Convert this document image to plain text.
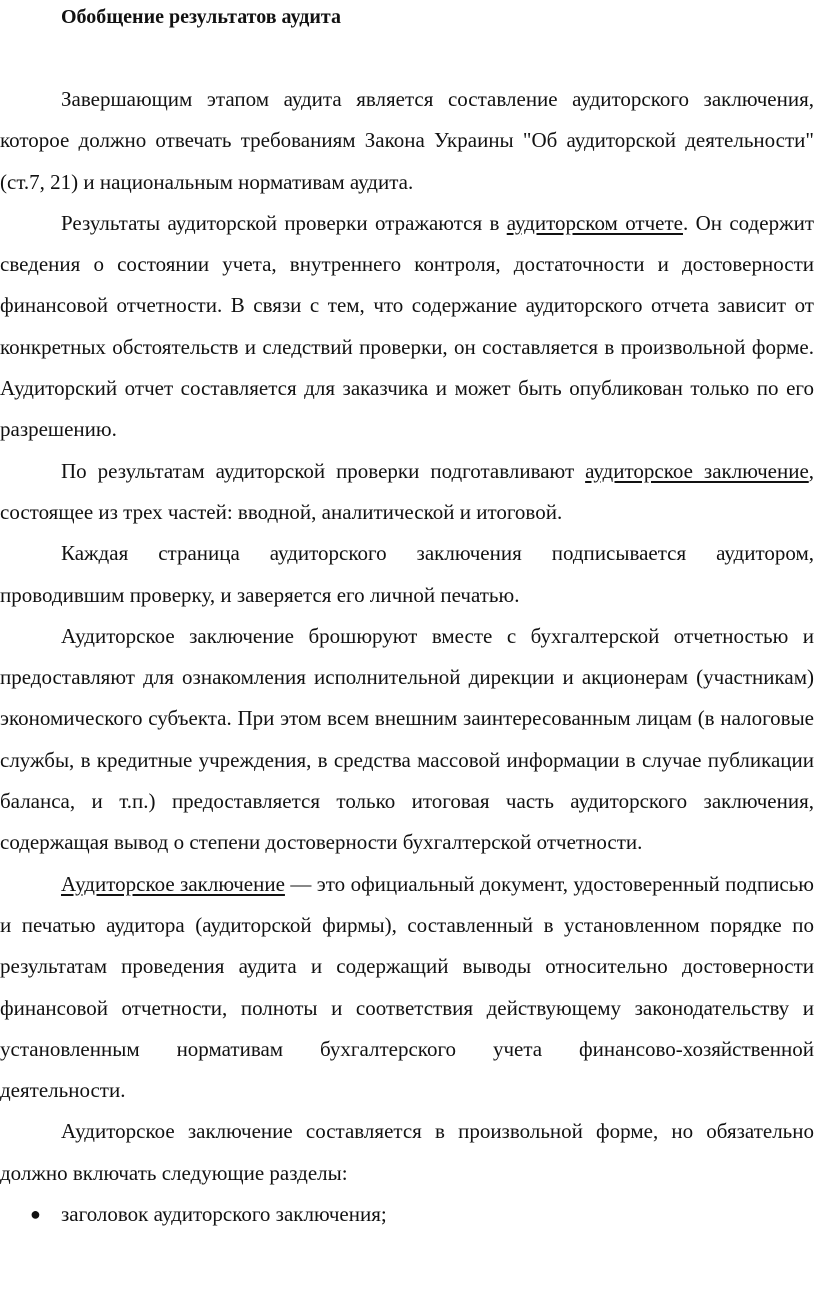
Обобщение результатов аудита

Завершающим этапом аудита является составление аудиторского заключения, которое должно отвечать требованиям Закона Украины "Об аудиторской деятельности" (ст.7, 21) и национальным нормативам аудита.

Результаты аудиторской проверки отражаются в аудиторском отчете. Он содержит сведения о состоянии учета, внутреннего контроля, достаточности и достоверности финансовой отчетности. В связи с тем, что содержание аудиторского отчета зависит от конкретных обстоятельств и следствий проверки, он составляется в произвольной форме. Аудиторский отчет составляется для заказчика и может быть опубликован только по его разрешению.

По результатам аудиторской проверки подготавливают аудиторское заключение, состоящее из трех частей: вводной, аналитической и итоговой.

Каждая страница аудиторского заключения подписывается аудитором, проводившим проверку, и заверяется его личной печатью.

Аудиторское заключение брошюруют вместе с бухгалтерской отчетностью и предоставляют для ознакомления исполнительной дирекции и акционерам (участникам) экономического субъекта. При этом всем внешним заинтересованным лицам (в налоговые службы, в кредитные учреждения, в средства массовой информации в случае публикации балансa, и т.п.) предоставляется только итоговая часть аудиторского заключения, содержащая вывод о степени достоверности бухгалтерской отчетности.

Аудиторское заключение — это официальный документ, удостоверенный подписью и печатью аудитора (аудиторской фирмы), составленный в установленном порядке по результатам проведения аудита и содержащий выводы относительно достоверности финансовой отчетности, полноты и соответствия действующему законодательству и установленным нормативам бухгалтерского учета финансово-хозяйственной деятельности.

Аудиторское заключение составляется в произвольной форме, но обязательно должно включать следующие разделы:

● заголовок аудиторского заключения;
